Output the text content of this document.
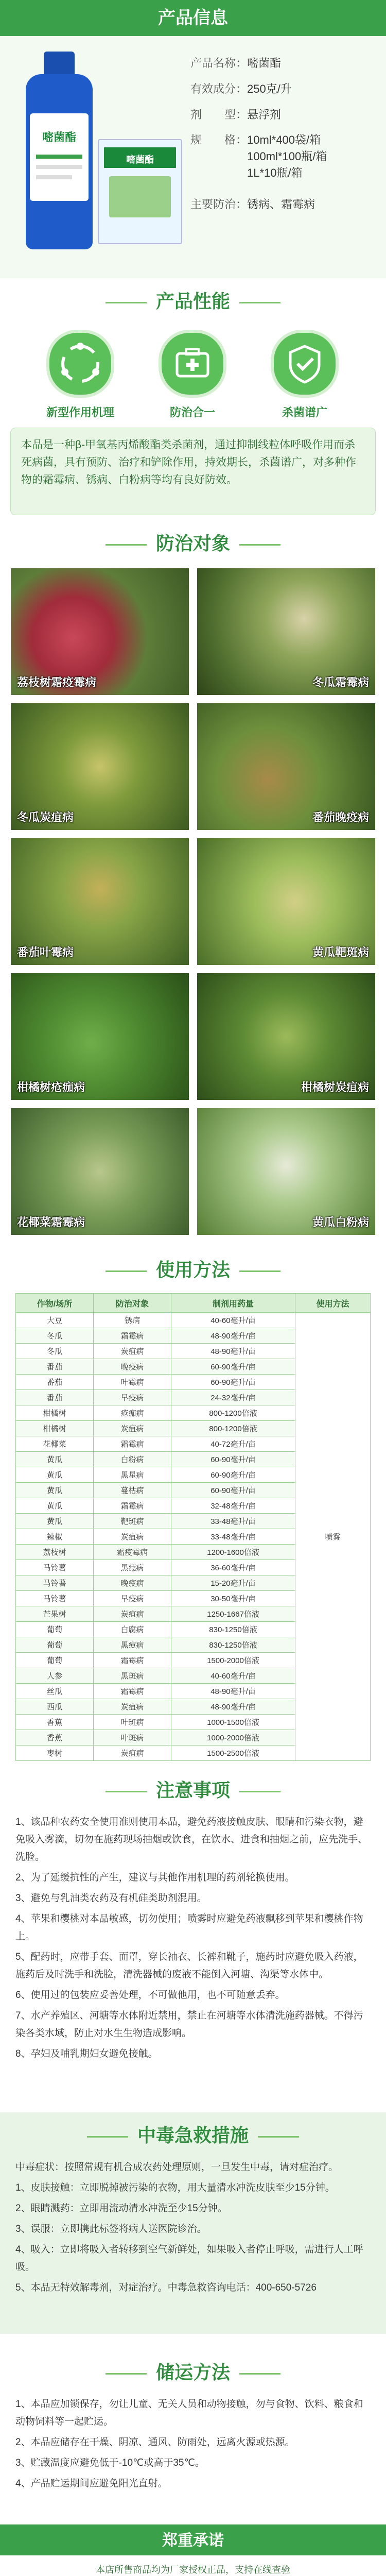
产品信息
嘧菌酯
嘧菌酯
产品名称：嘧菌酯
有效成分：250克/升
剂　　型：悬浮剂
规　　格：10ml*400袋/箱
100ml*100瓶/箱
1L*10瓶/箱
主要防治：锈病、霜霉病
产品性能
新型作用机理	防治合一	杀菌谱广
本品是一种β-甲氧基丙烯酸酯类杀菌剂，通过抑制线粒体呼吸作用而杀死病菌，具有预防、治疗和铲除作用，持效期长，杀菌谱广，对多种作物的霜霉病、锈病、白粉病等均有良好防效。
防治对象
荔枝树霜疫霉病	冬瓜霜霉病
冬瓜炭疽病	番茄晚疫病
番茄叶霉病	黄瓜靶斑病
柑橘树疮痂病	柑橘树炭疽病
花椰菜霜霉病	黄瓜白粉病
使用方法
作物/场所	防治对象	制剂用药量	使用方法
大豆	锈病	40-60毫升/亩	喷雾
冬瓜	霜霉病	48-90毫升/亩	
冬瓜	炭疽病	48-90毫升/亩	
番茄	晚疫病	60-90毫升/亩	
番茄	叶霉病	60-90毫升/亩	
番茄	早疫病	24-32毫升/亩	
柑橘树	疮痂病	800-1200倍液	
柑橘树	炭疽病	800-1200倍液	
花椰菜	霜霉病	40-72毫升/亩	
黄瓜	白粉病	60-90毫升/亩	
黄瓜	黑星病	60-90毫升/亩	
黄瓜	蔓枯病	60-90毫升/亩	
黄瓜	霜霉病	32-48毫升/亩	
黄瓜	靶斑病	33-48毫升/亩	
辣椒	炭疽病	33-48毫升/亩	
荔枝树	霜疫霉病	1200-1600倍液	
马铃薯	黑痣病	36-60毫升/亩	
马铃薯	晚疫病	15-20毫升/亩	
马铃薯	早疫病	30-50毫升/亩	
芒果树	炭疽病	1250-1667倍液	
葡萄	白腐病	830-1250倍液	
葡萄	黑痘病	830-1250倍液	
葡萄	霜霉病	1500-2000倍液	
人参	黑斑病	40-60毫升/亩	
丝瓜	霜霉病	48-90毫升/亩	
西瓜	炭疽病	48-90毫升/亩	
香蕉	叶斑病	1000-1500倍液	
香蕉	叶斑病	1000-2000倍液	
枣树	炭疽病	1500-2500倍液	
注意事项

1、该品种农药安全使用准则使用本品，避免药液接触皮肤、眼睛和污染衣物，避免吸入雾滴，切勿在施药现场抽烟或饮食，在饮水、进食和抽烟之前，应先洗手、洗脸。

2、为了延缓抗性的产生，建议与其他作用机理的药剂轮换使用。

3、避免与乳油类农药及有机硅类助剂混用。

4、苹果和樱桃对本品敏感，切勿使用；喷雾时应避免药液飘移到苹果和樱桃作物上。

5、配药时，应带手套、面罩，穿长袖衣、长裤和靴子，施药时应避免吸入药液，施药后及时洗手和洗脸，清洗器械的废液不能倒入河塘、沟渠等水体中。

6、使用过的包装应妥善处理，不可做他用，也不可随意丢弃。

7、水产养殖区、河塘等水体附近禁用，禁止在河塘等水体清洗施药器械。不得污染各类水域，防止对水生生物造成影响。

8、孕妇及哺乳期妇女避免接触。

中毒急救措施

中毒症状：按照常规有机合成农药处理原则，一旦发生中毒，请对症治疗。

1、皮肤接触：立即脱掉被污染的衣物，用大量清水冲洗皮肤至少15分钟。

2、眼睛溅药：立即用流动清水冲洗至少15分钟。

3、误服：立即携此标签将病人送医院诊治。

4、吸入：立即将吸入者转移到空气新鲜处，如果吸入者停止呼吸，需进行人工呼吸。

5、本品无特效解毒剂，对症治疗。中毒急救咨询电话：400-650-5726

储运方法

1、本品应加锁保存，勿让儿童、无关人员和动物接触，勿与食物、饮料、粮食和动物饲料等一起贮运。

2、本品应储存在干燥、阴凉、通风、防雨处，远离火源或热源。

3、贮藏温度应避免低于-10℃或高于35℃。

4、产品贮运期间应避免阳光直射。

郑重承诺
本店所售商品均为厂家授权正品，支持在线查验
